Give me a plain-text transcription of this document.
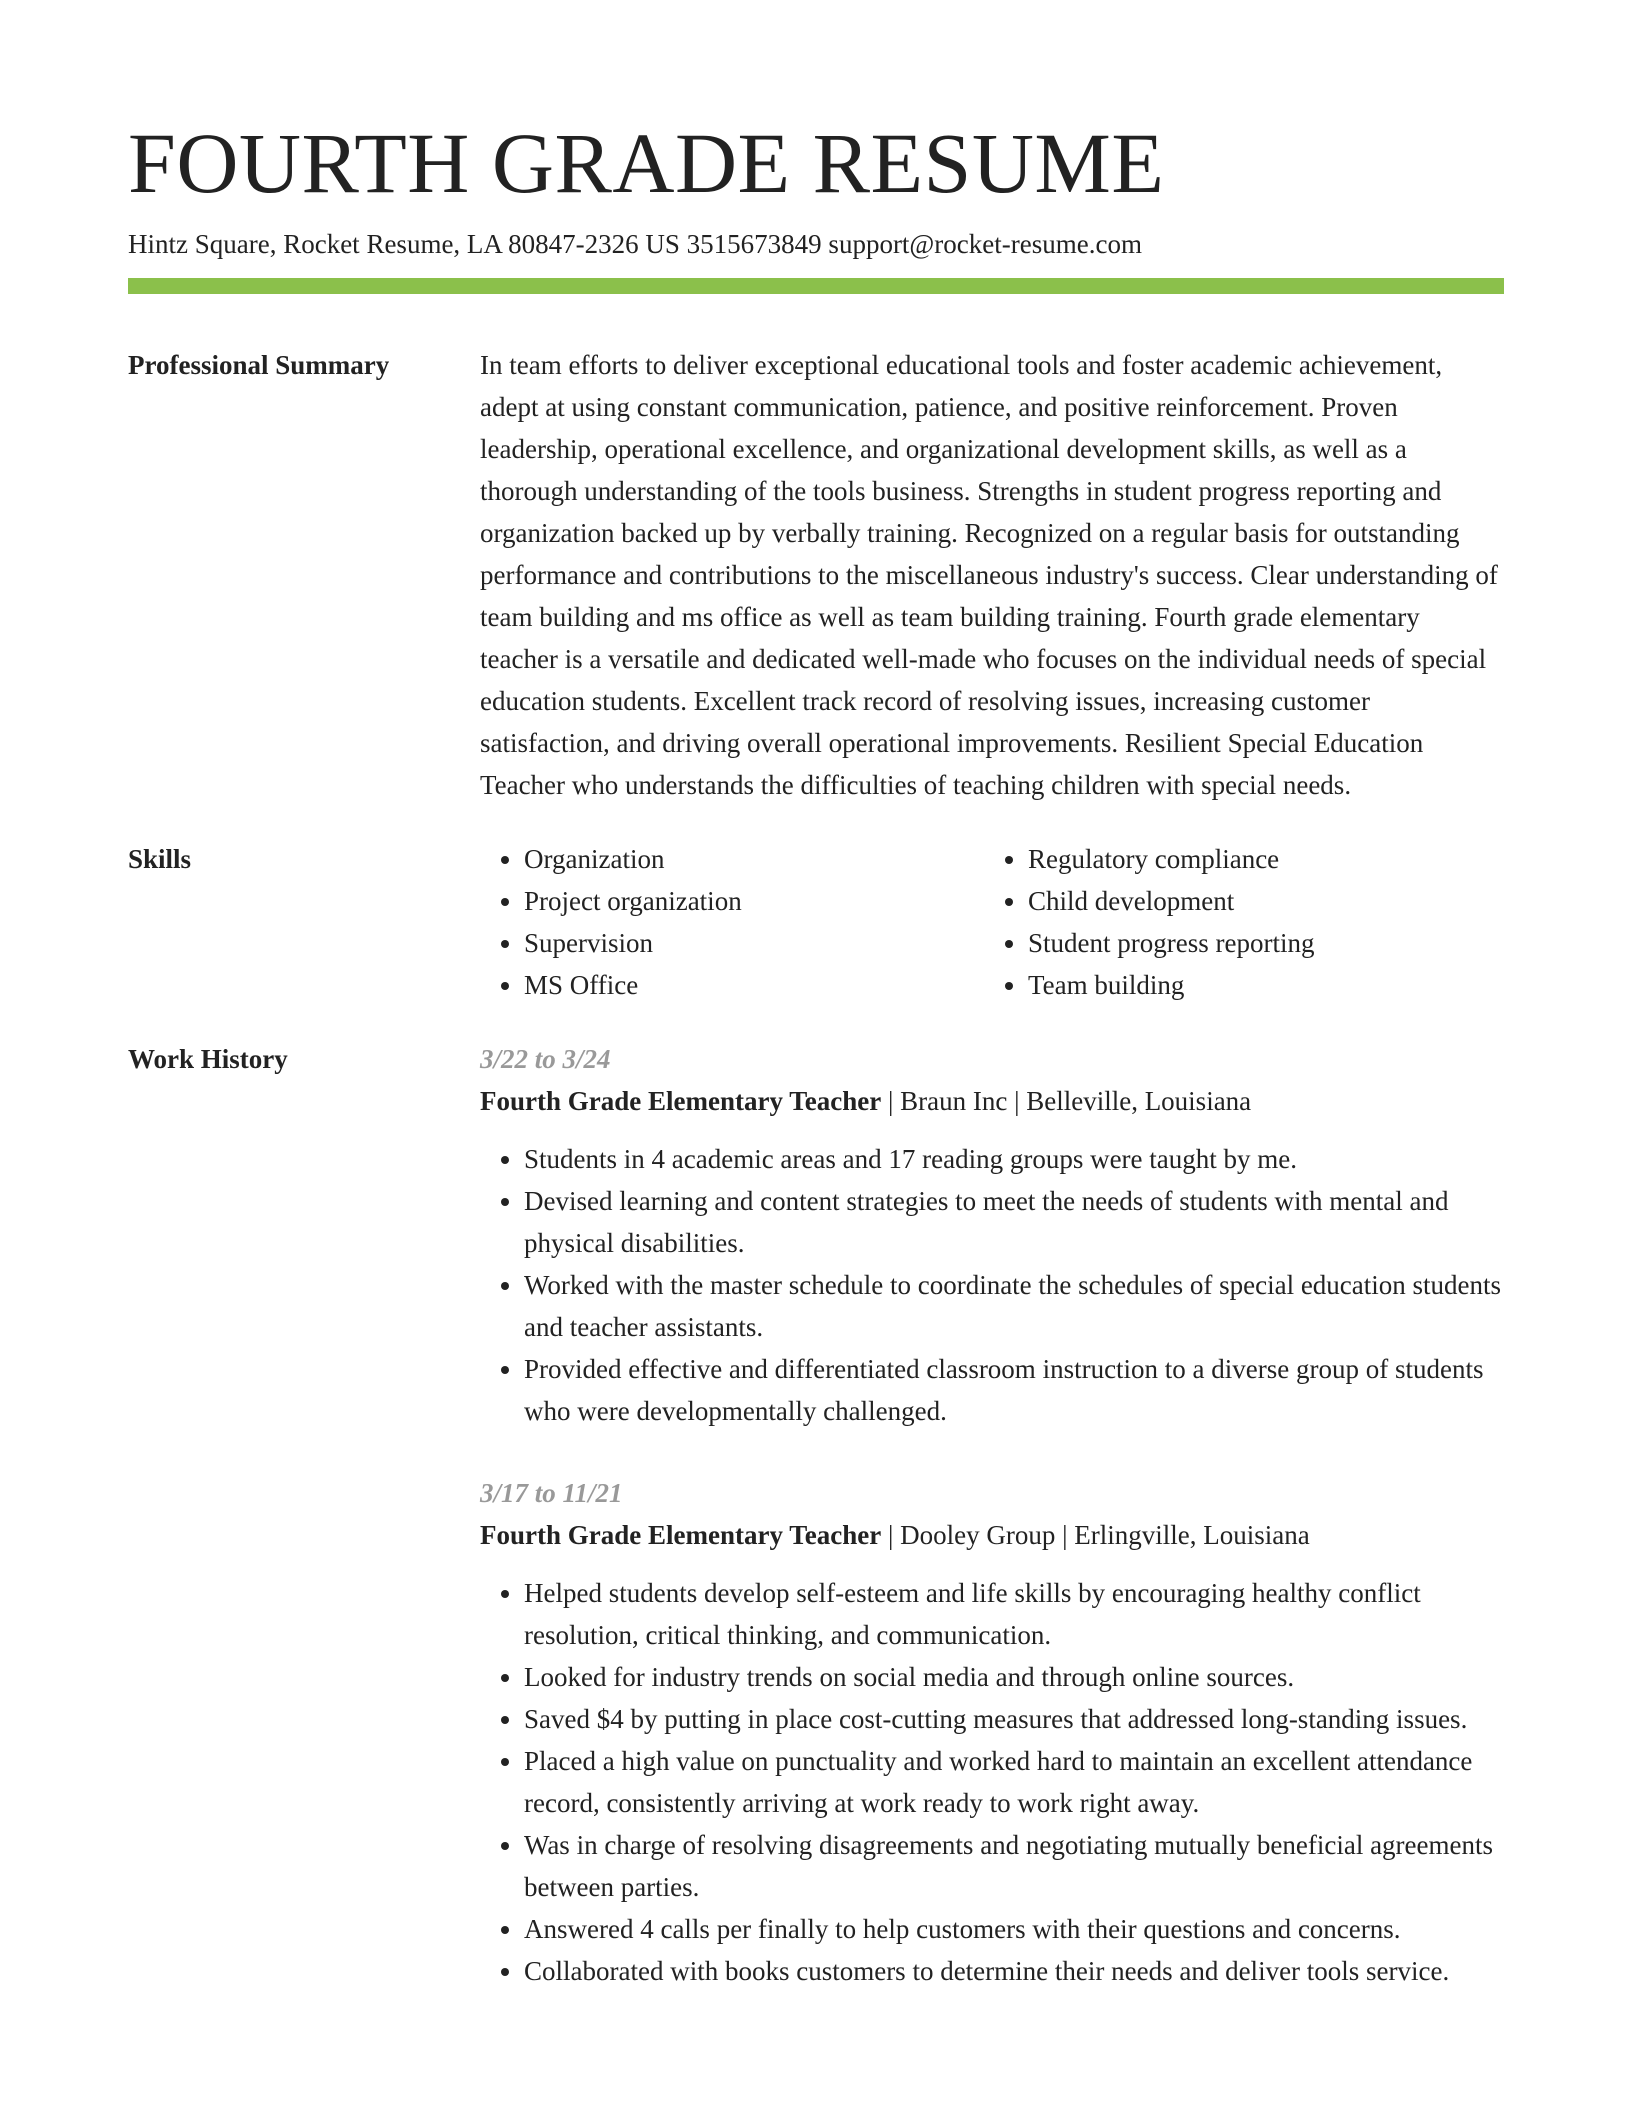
FOURTH GRADE RESUME
Hintz Square, Rocket Resume, LA 80847-2326 US 3515673849 support@rocket-resume.com
Professional Summary	In team efforts to deliver exceptional educational tools and foster academic achievement, adept at using constant communication, patience, and positive reinforcement. Proven leadership, operational excellence, and organizational development skills, as well as a thorough understanding of the tools business. Strengths in student progress reporting and organization backed up by verbally training. Recognized on a regular basis for outstanding performance and contributions to the miscellaneous industry's success. Clear understanding of team building and ms office as well as team building training. Fourth grade elementary teacher is a versatile and dedicated well-made who focuses on the individual needs of special education students. Excellent track record of resolving issues, increasing customer satisfaction, and driving overall operational improvements. Resilient Special Education Teacher who understands the difficulties of teaching children with special needs.
Skills
•	Organization
• Project organization
• Supervision
• MS Office
• Regulatory compliance
• Child development
• Student progress reporting
• Team building
Work History	3/22 to 3/24
Fourth Grade Elementary Teacher | Braun Inc | Belleville, Louisiana
• Students in 4 academic areas and 17 reading groups were taught by me.
• Devised learning and content strategies to meet the needs of students with mental and physical disabilities.
• Worked with the master schedule to coordinate the schedules of special education students and teacher assistants.
• Provided effective and differentiated classroom instruction to a diverse group of students who were developmentally challenged.
3/17 to 11/21
Fourth Grade Elementary Teacher | Dooley Group | Erlingville, Louisiana
• Helped students develop self-esteem and life skills by encouraging healthy conflict resolution, critical thinking, and communication.
• Looked for industry trends on social media and through online sources.
• Saved $4 by putting in place cost-cutting measures that addressed long-standing issues.
• Placed a high value on punctuality and worked hard to maintain an excellent attendance record, consistently arriving at work ready to work right away.
• Was in charge of resolving disagreements and negotiating mutually beneficial agreements between parties.
• Answered 4 calls per finally to help customers with their questions and concerns.
• Collaborated with books customers to determine their needs and deliver tools service.
